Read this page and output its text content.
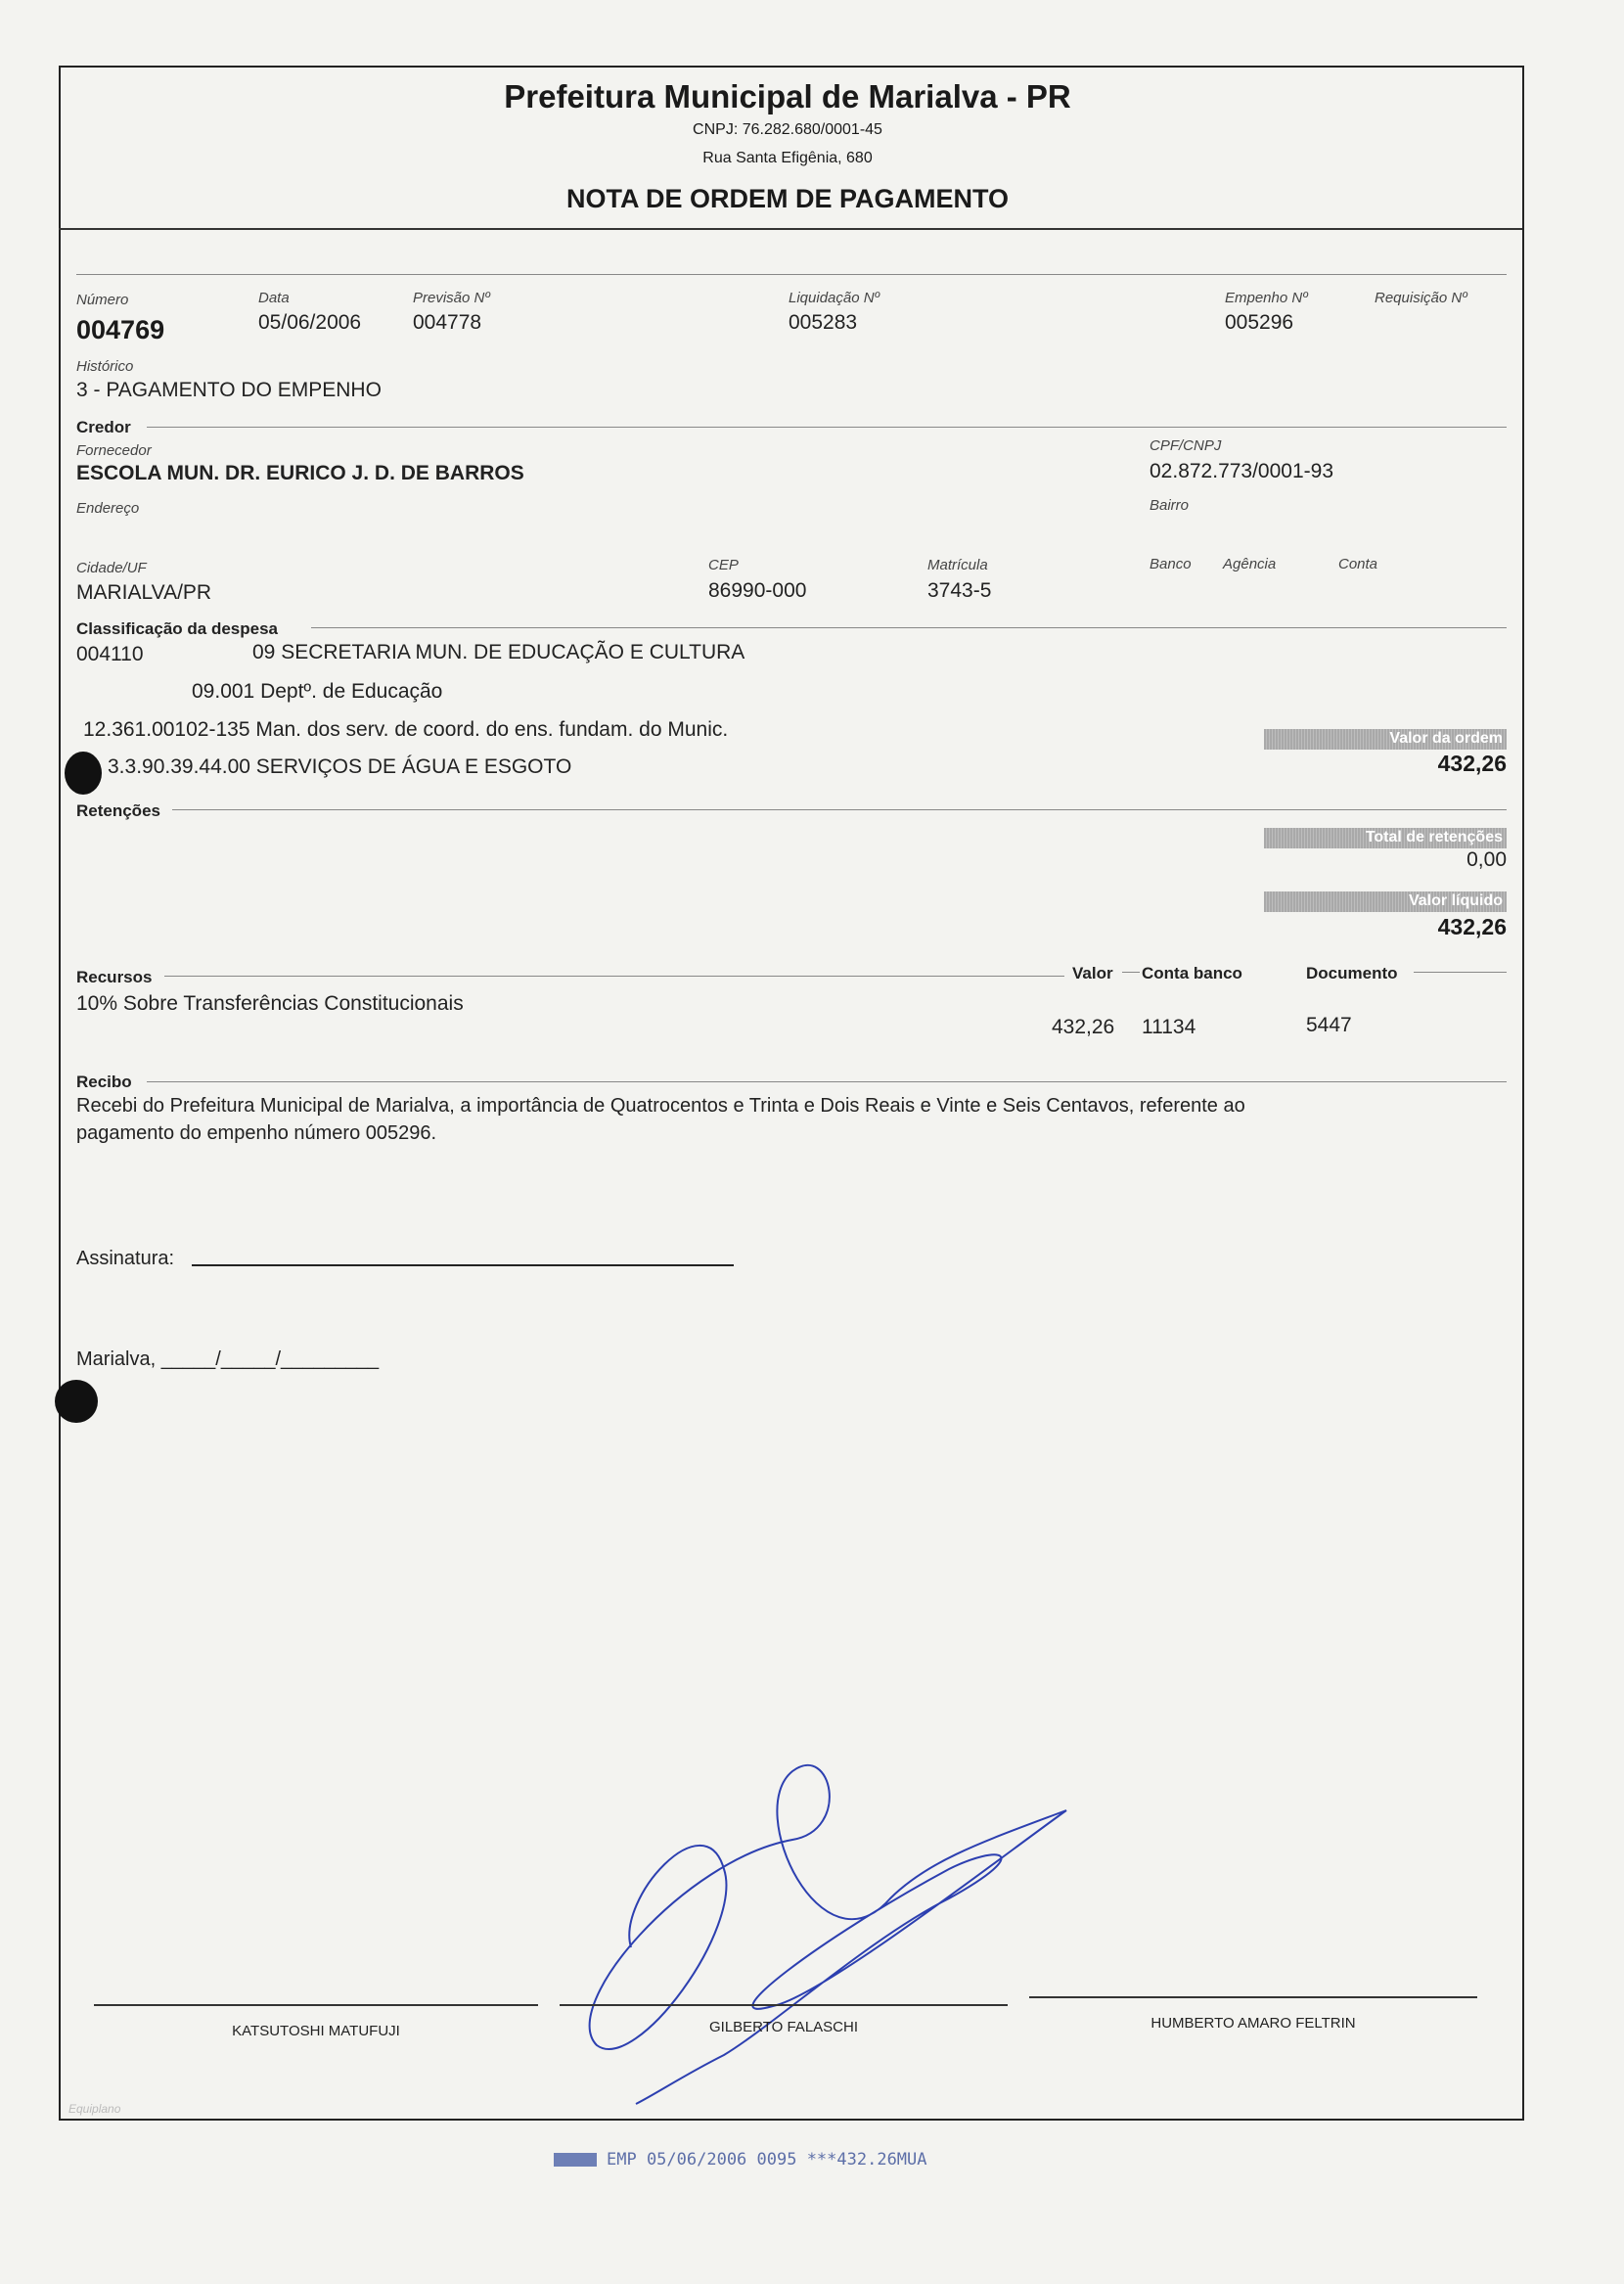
Prefeitura Municipal de Marialva - PR
CNPJ: 76.282.680/0001-45
Rua Santa Efigênia, 680
NOTA DE ORDEM DE PAGAMENTO
Número
004769
Data
05/06/2006
Previsão Nº
004778
Liquidação Nº
005283
Empenho Nº
005296
Requisição Nº
Histórico
3 - PAGAMENTO DO EMPENHO
Credor
Fornecedor
ESCOLA MUN. DR. EURICO J. D. DE BARROS
CPF/CNPJ
02.872.773/0001-93
Endereço	Bairro
Cidade/UF
MARIALVA/PR
CEP
86990-000
Matrícula
3743-5
Banco Agência	Conta
Classificação da despesa
004110	09 SECRETARIA MUN. DE EDUCAÇÃO E CULTURA
09.001 Deptº. de Educação
12.361.00102-135 Man. dos serv. de coord. do ens. fundam. do Munic.
3.3.90.39.44.00 SERVIÇOS DE ÁGUA E ESGOTO
Valor da ordem
432,26
Retenções
Total de retenções
0,00
Valor líquido
432,26
Recursos	Valor Conta banco	Documento
10% Sobre Transferências Constitucionais
432,26 11134	5447
Recibo
Recebi do Prefeitura Municipal de Marialva, a importância de Quatrocentos e Trinta e Dois Reais e Vinte e Seis Centavos, referente ao
pagamento do empenho número 005296.
Assinatura:
Marialva, _____/_____/_________
KATSUTOSHI MATUFUJI	GILBERTO FALASCHI	HUMBERTO AMARO FELTRIN
Equiplano
EMP 05/06/2006 0095 ***432.26MUA
